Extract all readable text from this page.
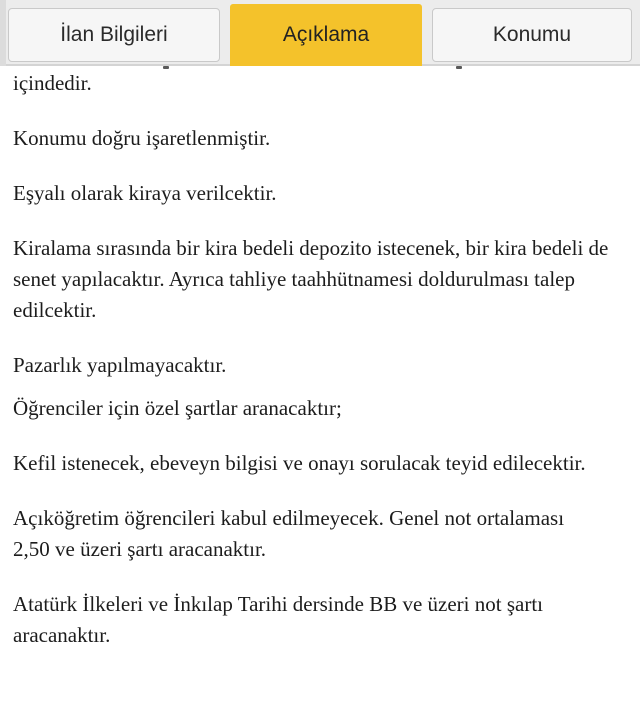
İlan Bilgileri	Açıklama	Konumu

içindedir.

Konumu doğru işaretlenmiştir.

Eşyalı olarak kiraya verilcektir.

Kiralama sırasında bir kira bedeli depozito istecenek, bir kira bedeli de senet yapılacaktır. Ayrıca tahliye taahhütnamesi doldurulması talep edilcektir.

Pazarlık yapılmayacaktır.

Öğrenciler için özel şartlar aranacaktır;

Kefil istenecek, ebeveyn bilgisi ve onayı sorulacak teyid edilecektir.

Açıköğretim öğrencileri kabul edilmeyecek. Genel not ortalaması 2,50 ve üzeri şartı aracanaktır.

Atatürk İlkeleri ve İnkılap Tarihi dersinde BB ve üzeri not şartı aracanaktır.
